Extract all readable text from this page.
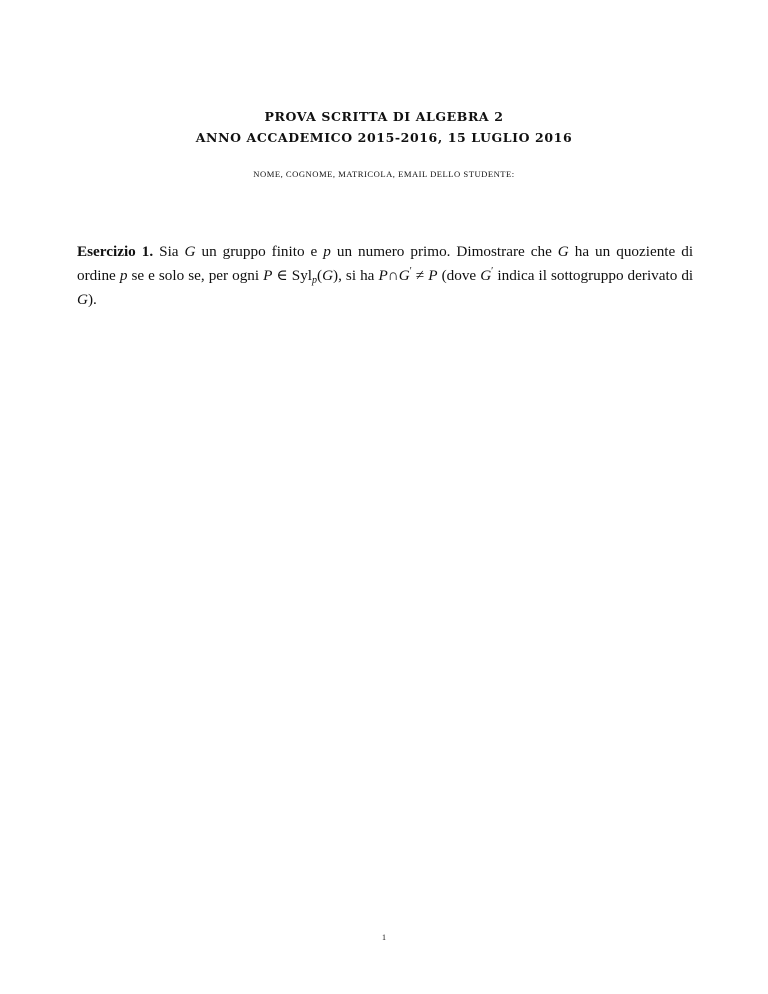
PROVA SCRITTA DI ALGEBRA 2
ANNO ACCADEMICO 2015-2016, 15 LUGLIO 2016
NOME, COGNOME, MATRICOLA, EMAIL DELLO STUDENTE:
Esercizio 1. Sia G un gruppo finito e p un numero primo. Dimostrare che G ha un quoziente di ordine p se e solo se, per ogni P ∈ Syl$_p$(G), si ha P∩G′ ≠ P (dove G′ indica il sottogruppo derivato di G).
1
